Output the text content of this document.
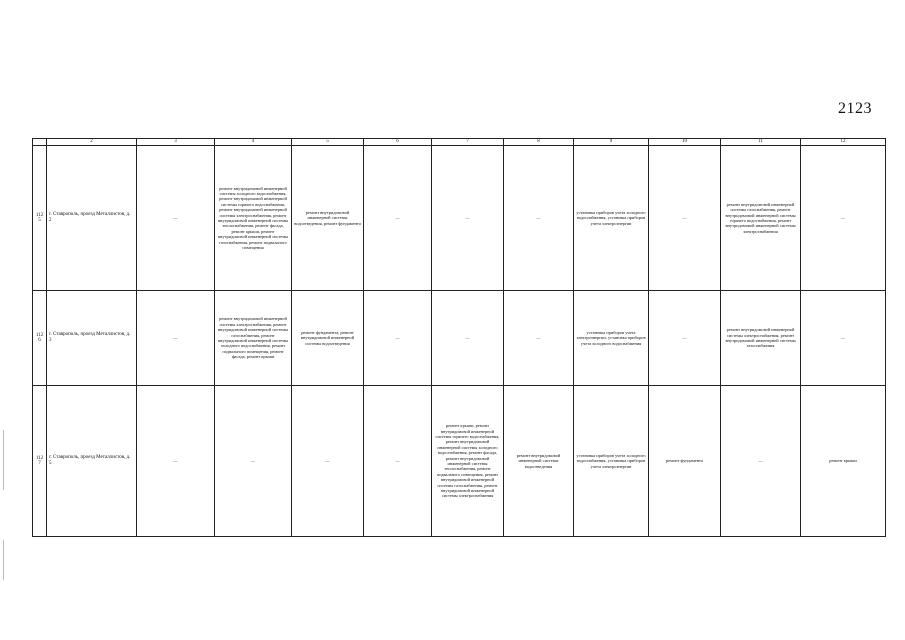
2123
	2	3	4	5	6	7	8	9	10	11	12
1125	г. Ставрополь, проезд Металлистов, д. 2	—	ремонт внутридомовой инженерной системы холодного водоснабжения, ремонт внутридомовой инженерной системы горячего водоснабжения, ремонт внутридомовой инженерной системы электроснабжения, ремонт внутридомовой инженерной системы теплоснабжения, ремонт фасада, ремонт крыши, ремонт внутридомовой инженерной системы газоснабжения, ремонт подвального помещения	ремонт внутридомовой инженерной системы водоотведения, ремонт фундамента	—	—	—	установка приборов учета холодного водоснабжения, установка приборов учета электроэнергии	—	ремонт внутридомовой инженерной системы газоснабжения, ремонт внутридомовой инженерной системы горячего водоснабжения, ремонт внутридомовой инженерной системы электроснабжения	—
1126	г. Ставрополь, проезд Металлистов, д. 3	—	ремонт внутридомовой инженерной системы электроснабжения, ремонт внутридомовой инженерной системы газоснабжения, ремонт внутридомовой инженерной системы холодного водоснабжения, ремонт подвального помещения, ремонт фасада, ремонт крыши	ремонт фундамента, ремонт внутридомовой инженерной системы водоотведения	—	—	—	установка приборов учета электроэнергии, установка приборов учета холодного водоснабжения	—	ремонт внутридомовой инженерной системы электроснабжения, ремонт внутридомовой инженерной системы газоснабжения	—
1127	г. Ставрополь, проезд Металлистов, д. 5	—	—	—	—	ремонт крыши, ремонт внутридомовой инженерной системы горячего водоснабжения, ремонт внутридомовой инженерной системы холодного водоснабжения, ремонт фасада, ремонт внутридомовой инженерной системы теплоснабжения, ремонт подвального помещения, ремонт внутридомовой инженерной системы газоснабжения, ремонт внутридомовой инженерной системы электроснабжения	ремонт внутридомовой инженерной системы водоотведения	установка приборов учета холодного водоснабжения, установка приборов учета электроэнергии	ремонт фундамента	—	ремонт крыши
